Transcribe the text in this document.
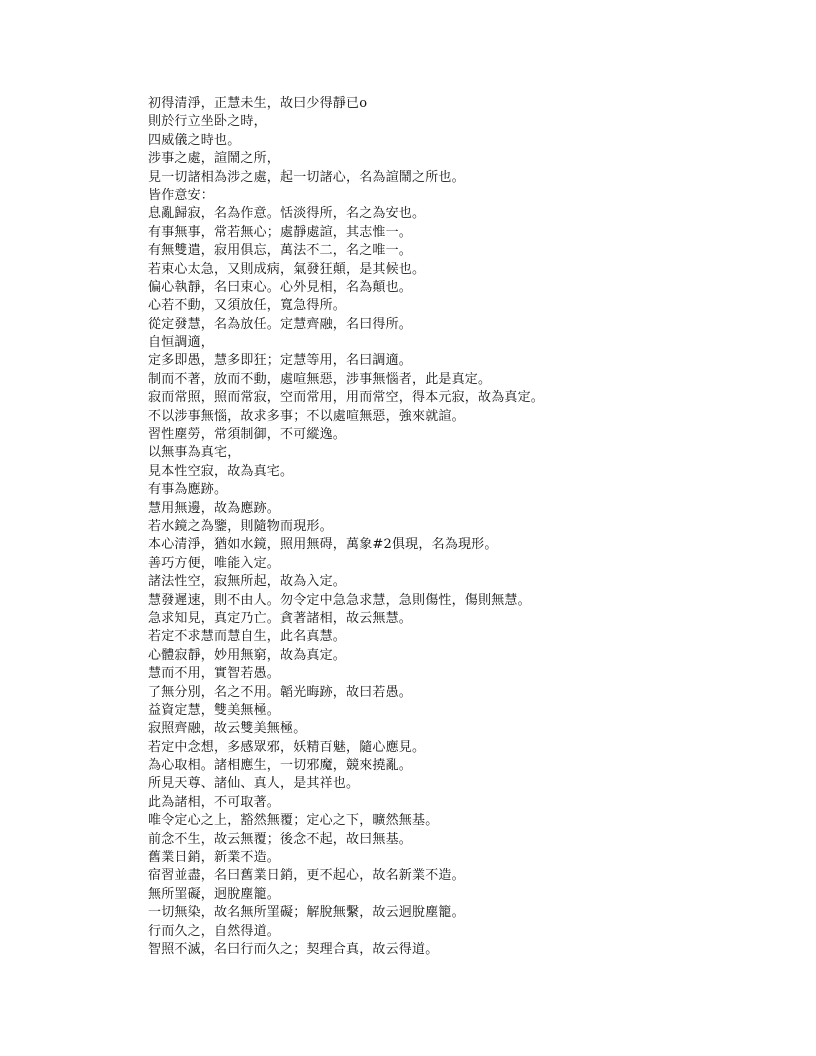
初得清淨，正慧未生，故曰少得靜已o
則於行立坐卧之時，
四威儀之時也。
涉事之處，諠鬧之所，
見一切諸相為涉之處，起一切諸心，名為諠鬧之所也。
皆作意安：
息亂歸寂，名為作意。恬淡得所，名之為安也。
有事無事，常若無心；處靜處諠，其志惟一。
有無雙遣，寂用俱忘，萬法不二，名之唯一。
若束心太急，又則成病，氣發狂顛，是其候也。
偏心執靜，名曰束心。心外見相，名為顛也。
心若不動，又須放任，寬急得所。
從定發慧，名為放任。定慧齊融，名曰得所。
自恒調適，
定多即愚，慧多即狂；定慧等用，名曰調適。
制而不著，放而不動，處喧無惡，涉事無惱者，此是真定。
寂而常照，照而常寂，空而常用，用而常空，得本元寂，故為真定。
不以涉事無惱，故求多事；不以處喧無惡，強來就諠。
習性塵勞，常須制御，不可縱逸。
以無事為真宅，
見本性空寂，故為真宅。
有事為應跡。
慧用無邊，故為應跡。
若水鏡之為鑒，則隨物而現形。
本心清淨，猶如水鏡，照用無碍，萬象#2俱現，名為現形。
善巧方便，唯能入定。
諸法性空，寂無所起，故為入定。
慧發遲速，則不由人。勿令定中急急求慧，急則傷性，傷則無慧。
急求知見，真定乃亡。貪著諸相，故云無慧。
若定不求慧而慧自生，此名真慧。
心體寂靜，妙用無窮，故為真定。
慧而不用，實智若愚。
了無分別，名之不用。韜光晦跡，故曰若愚。
益資定慧，雙美無極。
寂照齊融，故云雙美無極。
若定中念想，多感眾邪，妖精百魅，隨心應見。
為心取相。諸相應生，一切邪魔，競來撓亂。
所見天尊、諸仙、真人，是其祥也。
此為諸相，不可取著。
唯令定心之上，豁然無覆；定心之下，曠然無基。
前念不生，故云無覆；後念不起，故曰無基。
舊業日銷，新業不造。
宿習並盡，名曰舊業日銷，更不起心，故名新業不造。
無所罣礙，迥脫塵籠。
一切無染，故名無所罣礙；解脫無繫，故云迥脫塵籠。
行而久之，自然得道。
智照不滅，名曰行而久之；契理合真，故云得道。
